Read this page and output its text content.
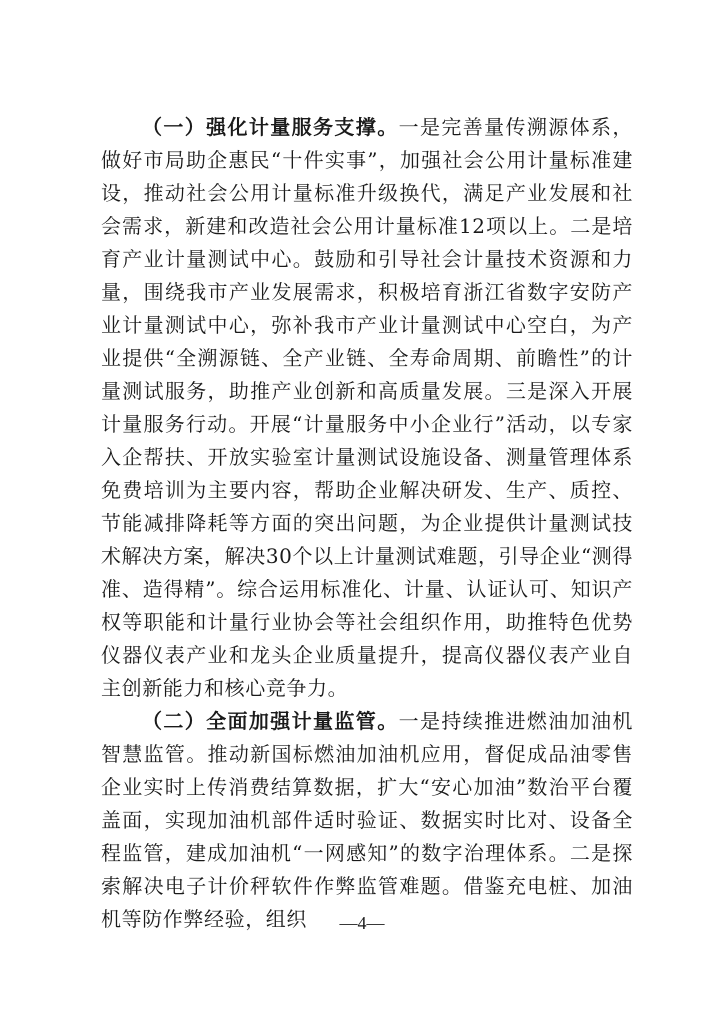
（一）强化计量服务支撑。一是完善量传溯源体系，做好市局助企惠民“十件实事”，加强社会公用计量标准建设，推动社会公用计量标准升级换代，满足产业发展和社会需求，新建和改造社会公用计量标准12项以上。二是培育产业计量测试中心。鼓励和引导社会计量技术资源和力量，围绕我市产业发展需求，积极培育浙江省数字安防产业计量测试中心，弥补我市产业计量测试中心空白，为产业提供“全溯源链、全产业链、全寿命周期、前瞻性”的计量测试服务，助推产业创新和高质量发展。三是深入开展计量服务行动。开展“计量服务中小企业行”活动，以专家入企帮扶、开放实验室计量测试设施设备、测量管理体系免费培训为主要内容，帮助企业解决研发、生产、质控、节能减排降耗等方面的突出问题，为企业提供计量测试技术解决方案，解决30个以上计量测试难题，引导企业“测得准、造得精”。综合运用标准化、计量、认证认可、知识产权等职能和计量行业协会等社会组织作用，助推特色优势仪器仪表产业和龙头企业质量提升，提高仪器仪表产业自主创新能力和核心竞争力。

（二）全面加强计量监管。一是持续推进燃油加油机智慧监管。推动新国标燃油加油机应用，督促成品油零售企业实时上传消费结算数据，扩大“安心加油”数治平台覆盖面，实现加油机部件适时验证、数据实时比对、设备全程监管，建成加油机“一网感知”的数字治理体系。二是探索解决电子计价秤软件作弊监管难题。借鉴充电桩、加油机等防作弊经验，组织	—4—
